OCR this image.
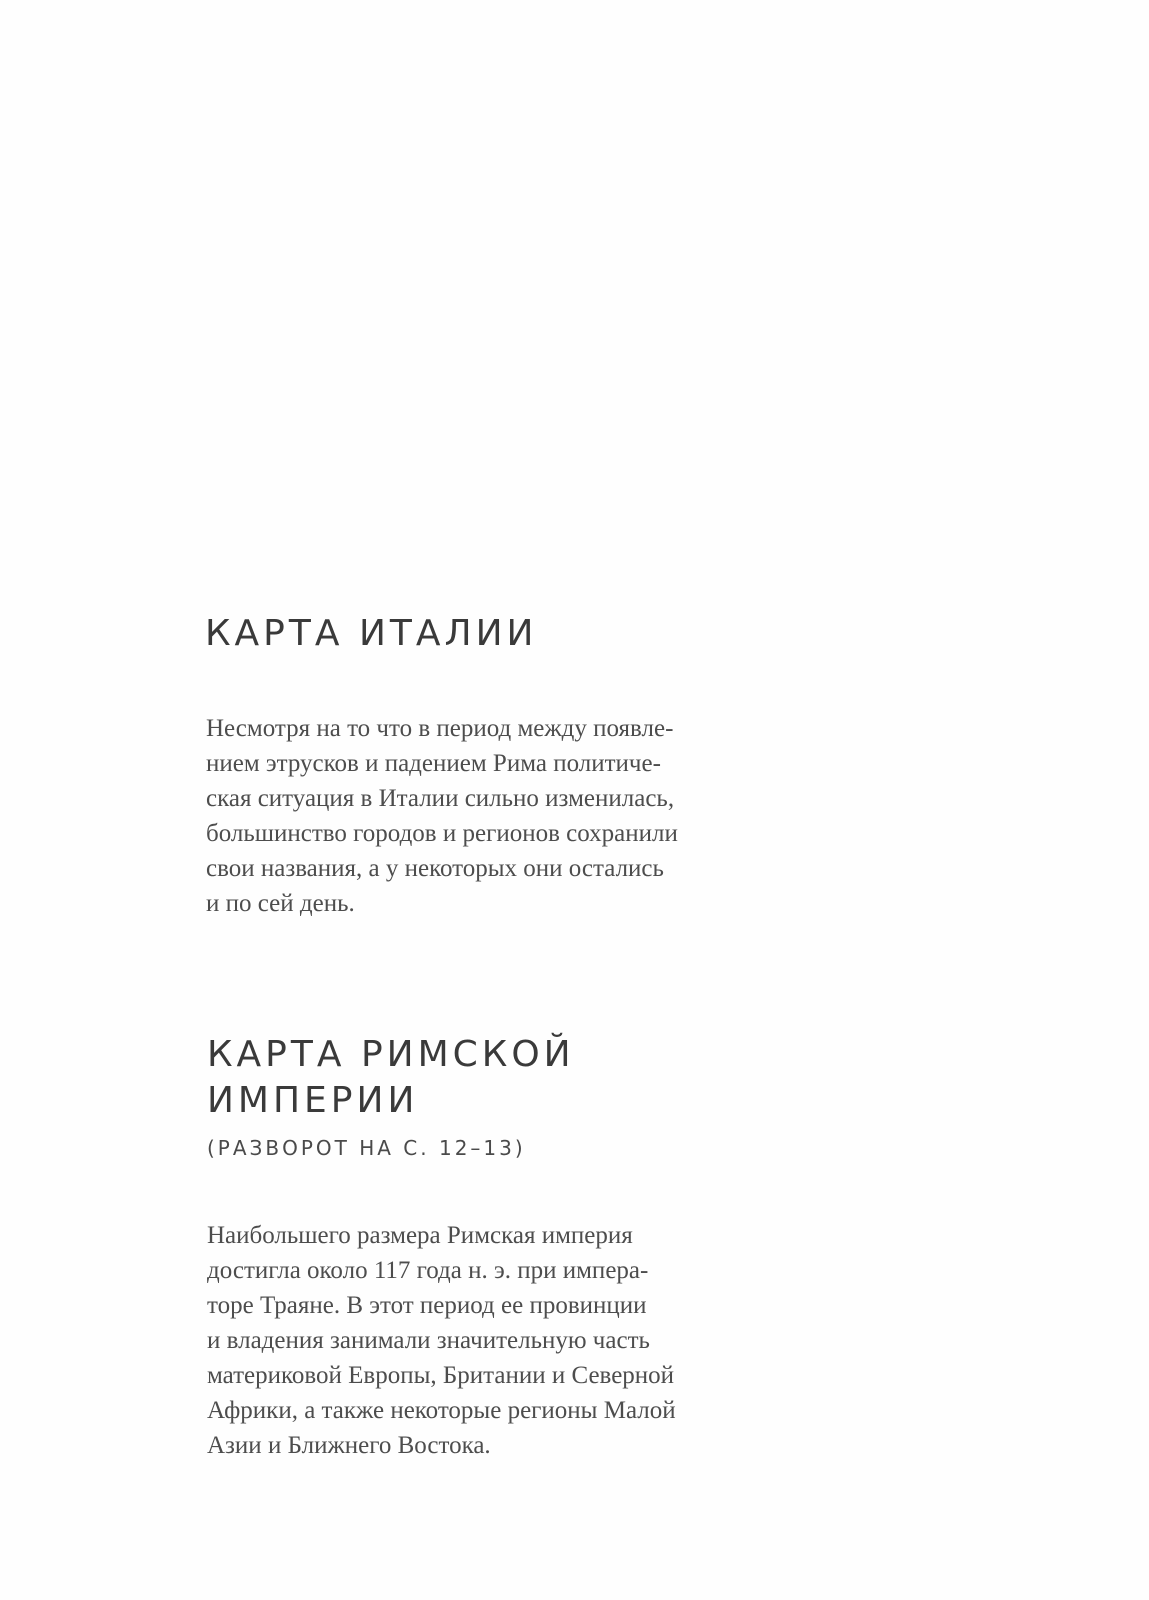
КАРТА ИТАЛИИ

Несмотря на то что в период между появле-
нием этрусков и падением Рима политиче-
ская ситуация в Италии сильно изменилась,
большинство городов и регионов сохранили
свои названия, а у некоторых они остались
и по сей день.

КАРТА РИМСКОЙ
ИМПЕРИИ
(РАЗВОРОТ НА С. 12–13)

Наибольшего размера Римская империя
достигла около 117 года н. э. при импера-
торе Траяне. В этот период ее провинции
и владения занимали значительную часть
материковой Европы, Британии и Северной
Африки, а также некоторые регионы Малой
Азии и Ближнего Востока.
